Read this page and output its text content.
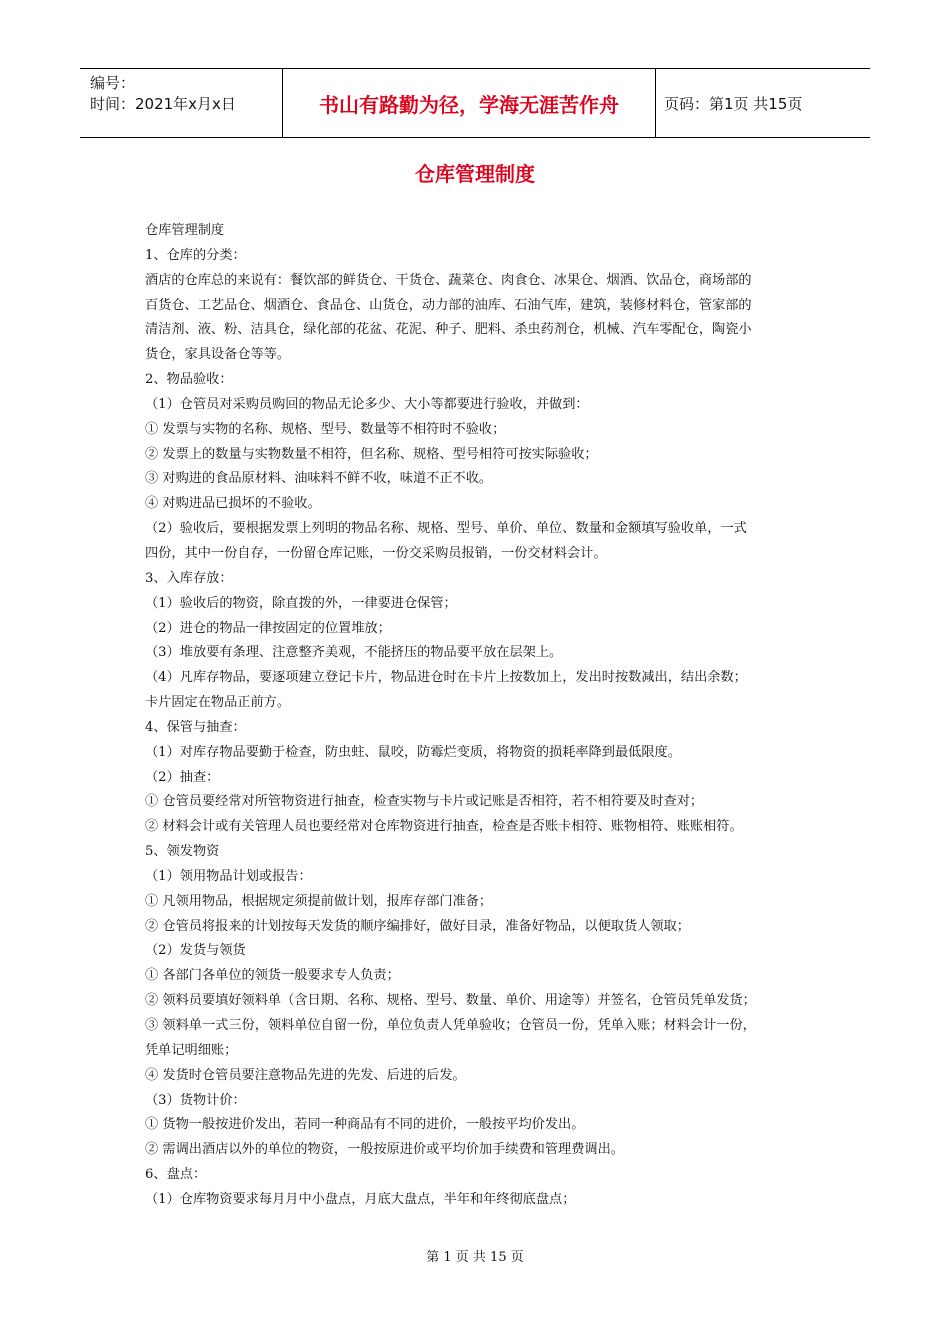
编号：
时间：2021年x月x日	书山有路勤为径，学海无涯苦作舟	页码：第1页 共15页
仓库管理制度

仓库管理制度

1、仓库的分类：

酒店的仓库总的来说有：餐饮部的鲜货仓、干货仓、蔬菜仓、肉食仓、冰果仓、烟酒、饮品仓，商场部的

百货仓、工艺品仓、烟酒仓、食品仓、山货仓，动力部的油库、石油气库，建筑，装修材料仓，管家部的

清洁剂、液、粉、洁具仓，绿化部的花盆、花泥、种子、肥料、杀虫药剂仓，机械、汽车零配仓，陶瓷小

货仓，家具设备仓等等。

2、物品验收：

（1）仓管员对采购员购回的物品无论多少、大小等都要进行验收，并做到：

① 发票与实物的名称、规格、型号、数量等不相符时不验收；

② 发票上的数量与实物数量不相符，但名称、规格、型号相符可按实际验收；

③ 对购进的食品原材料、油味料不鲜不收，味道不正不收。

④ 对购进品已损坏的不验收。

（2）验收后，要根据发票上列明的物品名称、规格、型号、单价、单位、数量和金额填写验收单，一式

四份，其中一份自存，一份留仓库记账，一份交采购员报销，一份交材料会计。

3、入库存放：

（1）验收后的物资，除直拨的外，一律要进仓保管；

（2）进仓的物品一律按固定的位置堆放；

（3）堆放要有条理、注意整齐美观，不能挤压的物品要平放在层架上。

（4）凡库存物品，要逐项建立登记卡片，物品进仓时在卡片上按数加上，发出时按数减出，结出余数；

卡片固定在物品正前方。

4、保管与抽查：

（1）对库存物品要勤于检查，防虫蛀、鼠咬，防霉烂变质，将物资的损耗率降到最低限度。

（2）抽查：

① 仓管员要经常对所管物资进行抽查，检查实物与卡片或记账是否相符，若不相符要及时查对；

② 材料会计或有关管理人员也要经常对仓库物资进行抽查，检查是否账卡相符、账物相符、账账相符。

5、领发物资

（1）领用物品计划或报告：

① 凡领用物品，根据规定须提前做计划，报库存部门准备；

② 仓管员将报来的计划按每天发货的顺序编排好，做好目录，准备好物品，以便取货人领取；

（2）发货与领货

① 各部门各单位的领货一般要求专人负责；

② 领料员要填好领料单（含日期、名称、规格、型号、数量、单价、用途等）并签名，仓管员凭单发货；

③ 领料单一式三份，领料单位自留一份，单位负责人凭单验收；仓管员一份，凭单入账；材料会计一份，

凭单记明细账；

④ 发货时仓管员要注意物品先进的先发、后进的后发。

（3）货物计价：

① 货物一般按进价发出，若同一种商品有不同的进价，一般按平均价发出。

② 需调出酒店以外的单位的物资，一般按原进价或平均价加手续费和管理费调出。

6、盘点：

（1）仓库物资要求每月月中小盘点，月底大盘点，半年和年终彻底盘点；

第 1 页 共 15 页
